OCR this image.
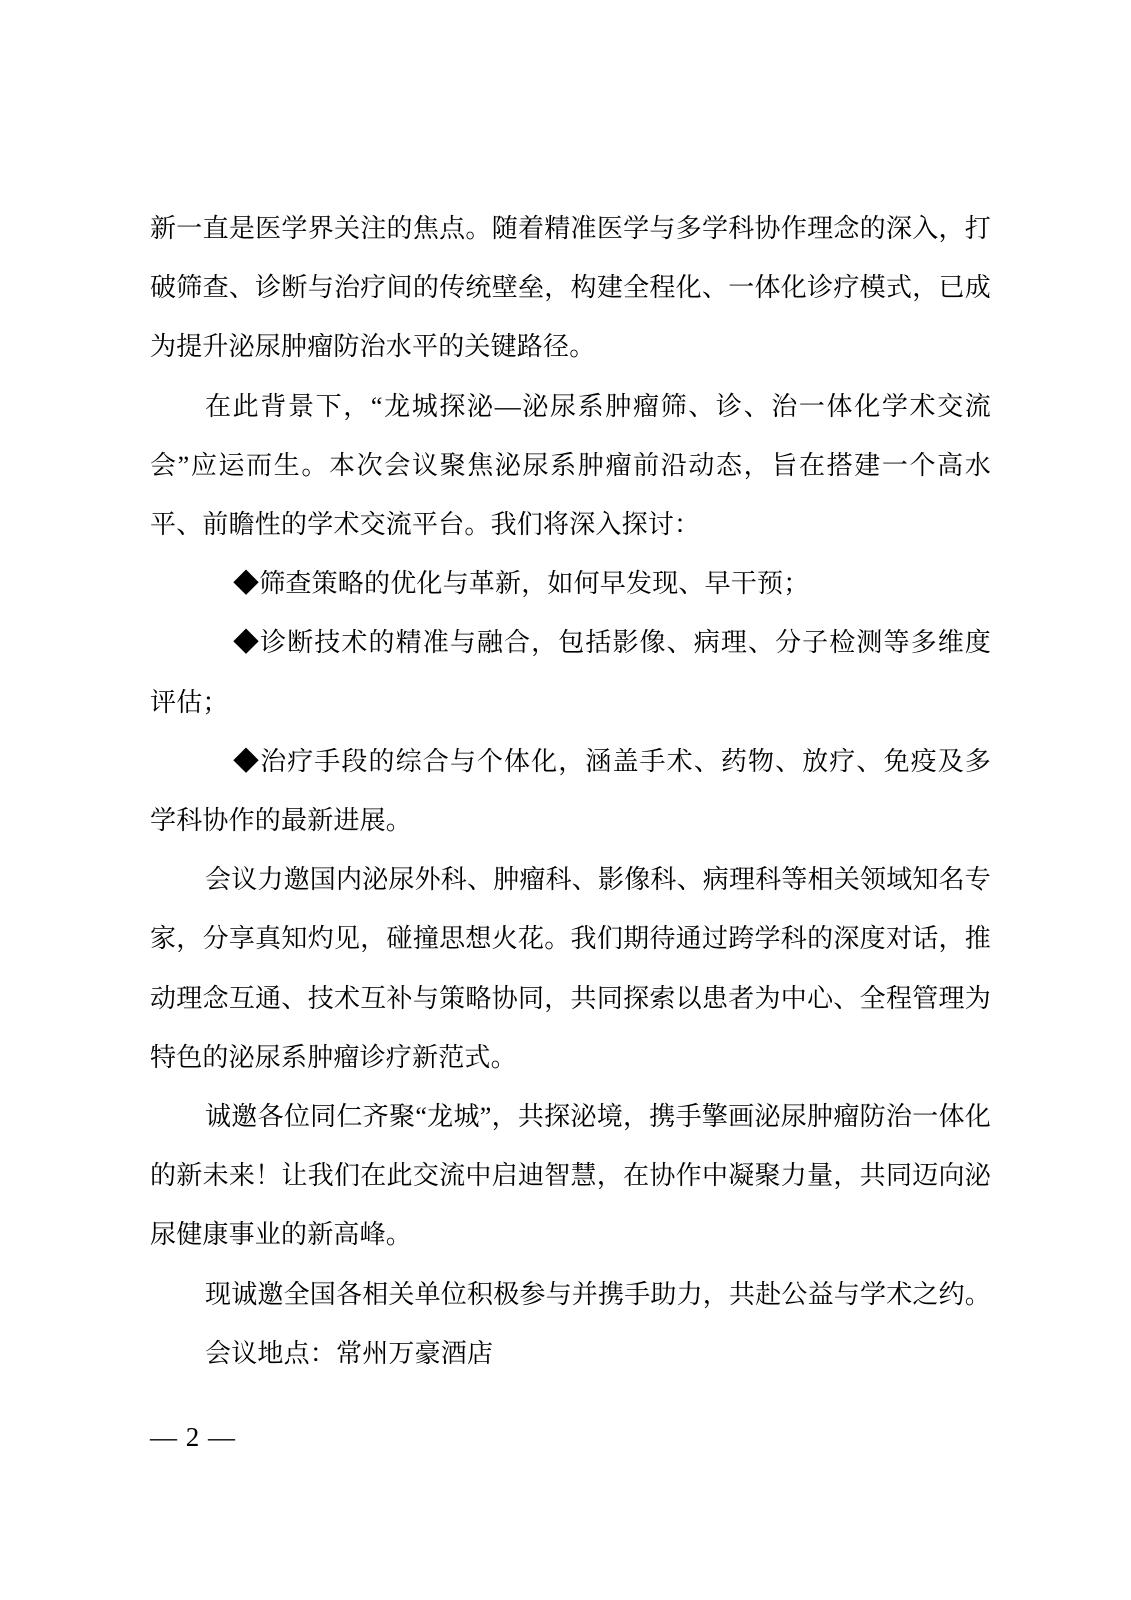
新一直是医学界关注的焦点。随着精准医学与多学科协作理念的深入，打破筛查、诊断与治疗间的传统壁垒，构建全程化、一体化诊疗模式，已成为提升泌尿肿瘤防治水平的关键路径。

在此背景下，“龙城探泌—泌尿系肿瘤筛、诊、治一体化学术交流会”应运而生。本次会议聚焦泌尿系肿瘤前沿动态，旨在搭建一个高水平、前瞻性的学术交流平台。我们将深入探讨：

◆筛查策略的优化与革新，如何早发现、早干预；

◆诊断技术的精准与融合，包括影像、病理、分子检测等多维度评估；

◆治疗手段的综合与个体化，涵盖手术、药物、放疗、免疫及多学科协作的最新进展。

会议力邀国内泌尿外科、肿瘤科、影像科、病理科等相关领域知名专家，分享真知灼见，碰撞思想火花。我们期待通过跨学科的深度对话，推动理念互通、技术互补与策略协同，共同探索以患者为中心、全程管理为特色的泌尿系肿瘤诊疗新范式。

诚邀各位同仁齐聚“龙城”，共探泌境，携手擎画泌尿肿瘤防治一体化的新未来！让我们在此交流中启迪智慧，在协作中凝聚力量，共同迈向泌尿健康事业的新高峰。

现诚邀全国各相关单位积极参与并携手助力，共赴公益与学术之约。

会议地点：常州万豪酒店

— 2 —
